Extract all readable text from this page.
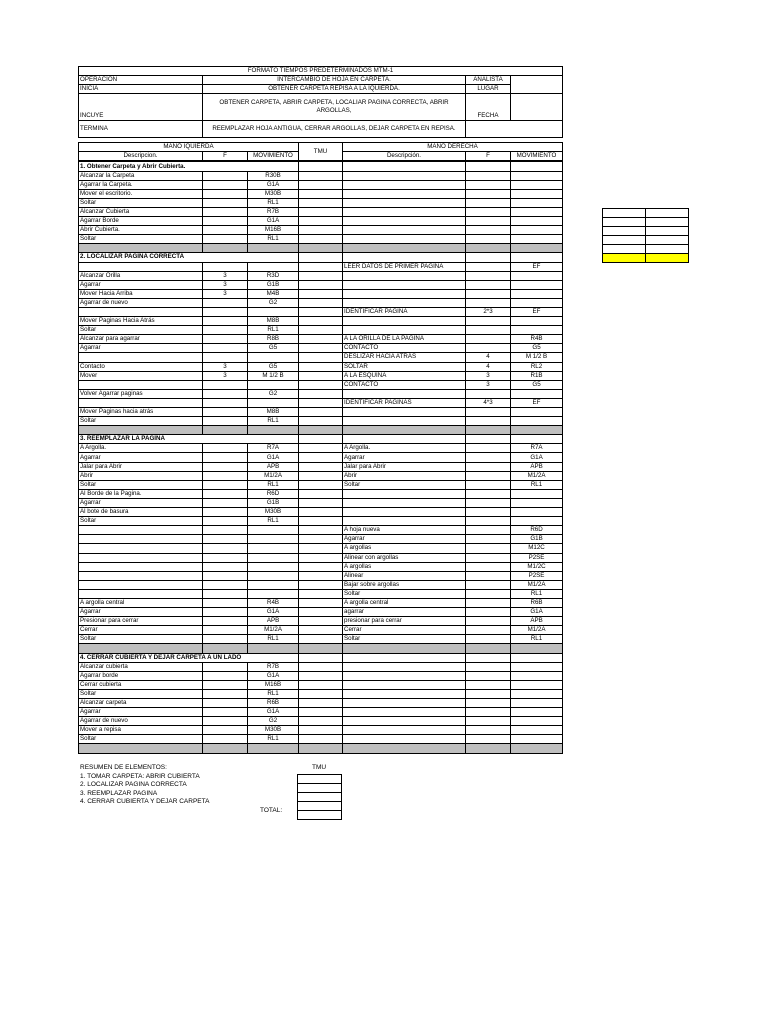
FORMATO TIEMPOS PREDETERMINADOS MTM-1						
OPERACIÓN	INTERCAMBIO DE HOJA EN CARPETA.				ANALISTA	
INICIA	OBTENER CARPETA REPISA A LA IQUIERDA.				LUGAR	
INCUYE	OBTENER CARPETA, ABRIR CARPETA, LOCALIAR PAGINA CORRECTA, ABRIR
ARGOLLAS,				FECHA	
TERMINA	REEMPLAZAR HOJA ANTIGUA, CERRAR ARGOLLAS, DEJAR CARPETA EN REPISA.					

MANO IQUIERDA			TMU	MANO DERECHA		
Descripcion.	F	MOVIMIENTO		Descripción.	F	MOVIMIENTO
1. Obtener Carpeta y Abrir Cubierta.						
Alcanzar la Carpeta		R30B				
Agarrar la Carpeta.		G1A				
Mover el escritorio.		M30B				
Soltar		RL1				
Alcanzar Cubierta		R7B				
Agarrar Borde		G1A				
Abrir Cubierta.		M16B				
Soltar		RL1				

2. LOCALIZAR PAGINA CORRECTA						
				LEER DATOS DE PRIMER PAGINA		EF
Alcanzar Orilla	3	R3D				
Agarrar	3	G1B				
Mover Hacia Arriba	3	M4B				
Agarrar de nuevo		G2				
				IDENTIFICAR PAGINA	2*3	EF
Mover Paginas Hacia Atrás		M8B				
Soltar		RL1				
Alcanzar para agarrar		R8B		A LA ORILLA DE LA PAGINA		R4B
Agarrar		G5		CONTACTO		G5
				DESLIZAR HACIA ATRÁS	4	M 1/2 B
Contacto	3	G5		SOLTAR	4	RL2
Mover	3	M 1/2 B		A LA ESQUINA	3	R1B
				CONTACTO	3	G5
Volver Agarrar paginas		G2				
				IDENTIFICAR PAGINAS	4*3	EF
Mover Paginas hacia atrás		M8B				
Soltar		RL1				

3. REEMPLAZAR LA PAGINA						
A Argolla.		R7A		A Argolla.		R7A
Agarrar		G1A		Agarrar		G1A
Jalar para Abrir		APB		Jalar para Abrir		APB
Abrir		M1/2A		Abrir		M1/2A
Soltar		RL1		Soltar		RL1
Al Borde de la Pagina.		R6D				
Agarrar		G1B				
Al bote de basura		M30B				
Soltar		RL1				
				A hoja nueva		R6D
				Agarrar		G1B
				A argollas		M12C
				Alinear con argollas		P2SE
				A argollas		M1/2C
				Alinear		P2SE
				Bajar sobre argollas		M1/2A
				Soltar		RL1
A argolla central		R4B		A argolla central		R6B
Agarrar		G1A		agarrar		G1A
Presionar para cerrar		APB		presionar para cerrar		APB
Cerrar		M1/2A		Cerrar		M1/2A
Soltar		RL1		Soltar		RL1

4. CERRAR CUBIERTA Y DEJAR CARPETA A UN LADO						
Alcanzar cubierta		R7B				
Agarrar borde		G1A				
Cerrar cubierta		M16B				
Soltar		RL1				
Alcanzar carpeta		R6B				
Agarrar		G1A				
Agarrar de nuevo		G2				
Mover a repisa		M30B				
Soltar		RL1				

RESUMEN DE ELEMENTOS:	TMU
1. TOMAR CARPETA: ABRIR CUBIERTA
2. LOCALIZAR PAGINA CORRECTA
3. REEMPLAZAR PAGINA
4. CERRAR CUBIERTA Y DEJAR CARPETA
TOTAL:
